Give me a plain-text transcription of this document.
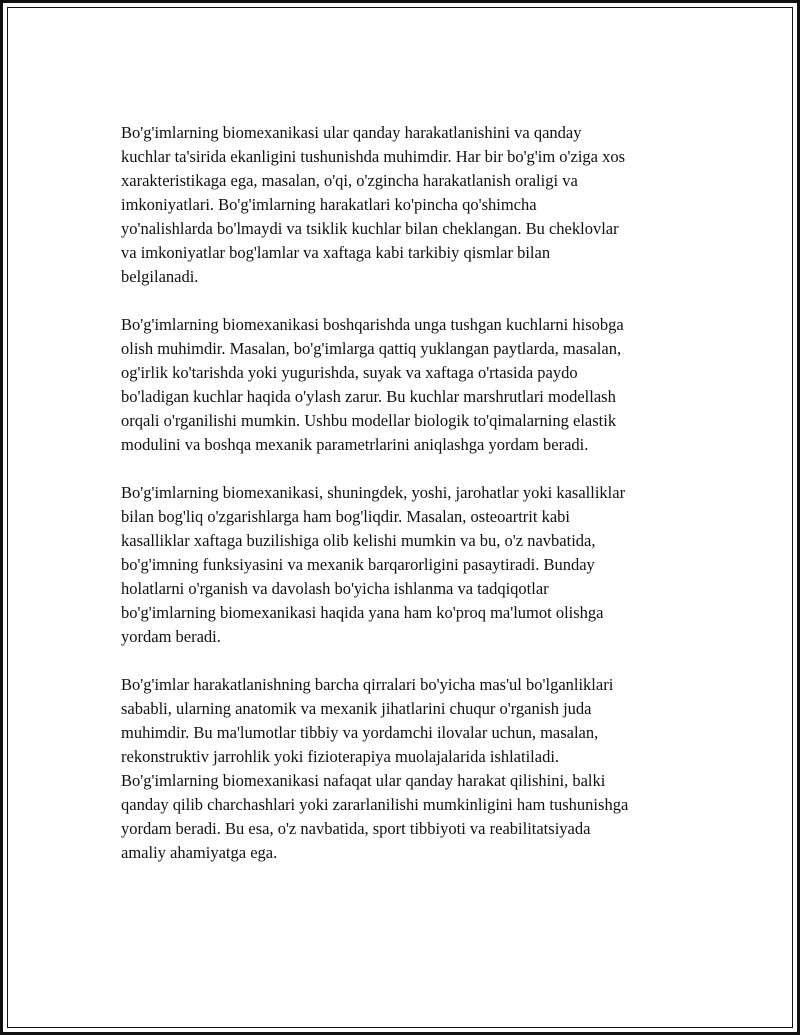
Bo'g'imlarning biomexanikasi ular qanday harakatlanishini va qanday
kuchlar ta'sirida ekanligini tushunishda muhimdir. Har bir bo'g'im o'ziga xos
xarakteristikaga ega, masalan, o'qi, o'zgincha harakatlanish oraligi va
imkoniyatlari. Bo'g'imlarning harakatlari ko'pincha qo'shimcha
yo'nalishlarda bo'lmaydi va tsiklik kuchlar bilan cheklangan. Bu cheklovlar
va imkoniyatlar bog'lamlar va xaftaga kabi tarkibiy qismlar bilan
belgilanadi.

Bo'g'imlarning biomexanikasi boshqarishda unga tushgan kuchlarni hisobga
olish muhimdir. Masalan, bo'g'imlarga qattiq yuklangan paytlarda, masalan,
og'irlik ko'tarishda yoki yugurishda, suyak va xaftaga o'rtasida paydo
bo'ladigan kuchlar haqida o'ylash zarur. Bu kuchlar marshrutlari modellash
orqali o'rganilishi mumkin. Ushbu modellar biologik to'qimalarning elastik
modulini va boshqa mexanik parametrlarini aniqlashga yordam beradi.

Bo'g'imlarning biomexanikasi, shuningdek, yoshi, jarohatlar yoki kasalliklar
bilan bog'liq o'zgarishlarga ham bog'liqdir. Masalan, osteoartrit kabi
kasalliklar xaftaga buzilishiga olib kelishi mumkin va bu, o'z navbatida,
bo'g'imning funksiyasini va mexanik barqarorligini pasaytiradi. Bunday
holatlarni o'rganish va davolash bo'yicha ishlanma va tadqiqotlar
bo'g'imlarning biomexanikasi haqida yana ham ko'proq ma'lumot olishga
yordam beradi.

Bo'g'imlar harakatlanishning barcha qirralari bo'yicha mas'ul bo'lganliklari
sababli, ularning anatomik va mexanik jihatlarini chuqur o'rganish juda
muhimdir. Bu ma'lumotlar tibbiy va yordamchi ilovalar uchun, masalan,
rekonstruktiv jarrohlik yoki fizioterapiya muolajalarida ishlatiladi.
Bo'g'imlarning biomexanikasi nafaqat ular qanday harakat qilishini, balki
qanday qilib charchashlari yoki zararlanilishi mumkinligini ham tushunishga
yordam beradi. Bu esa, o'z navbatida, sport tibbiyoti va reabilitatsiyada
amaliy ahamiyatga ega.
